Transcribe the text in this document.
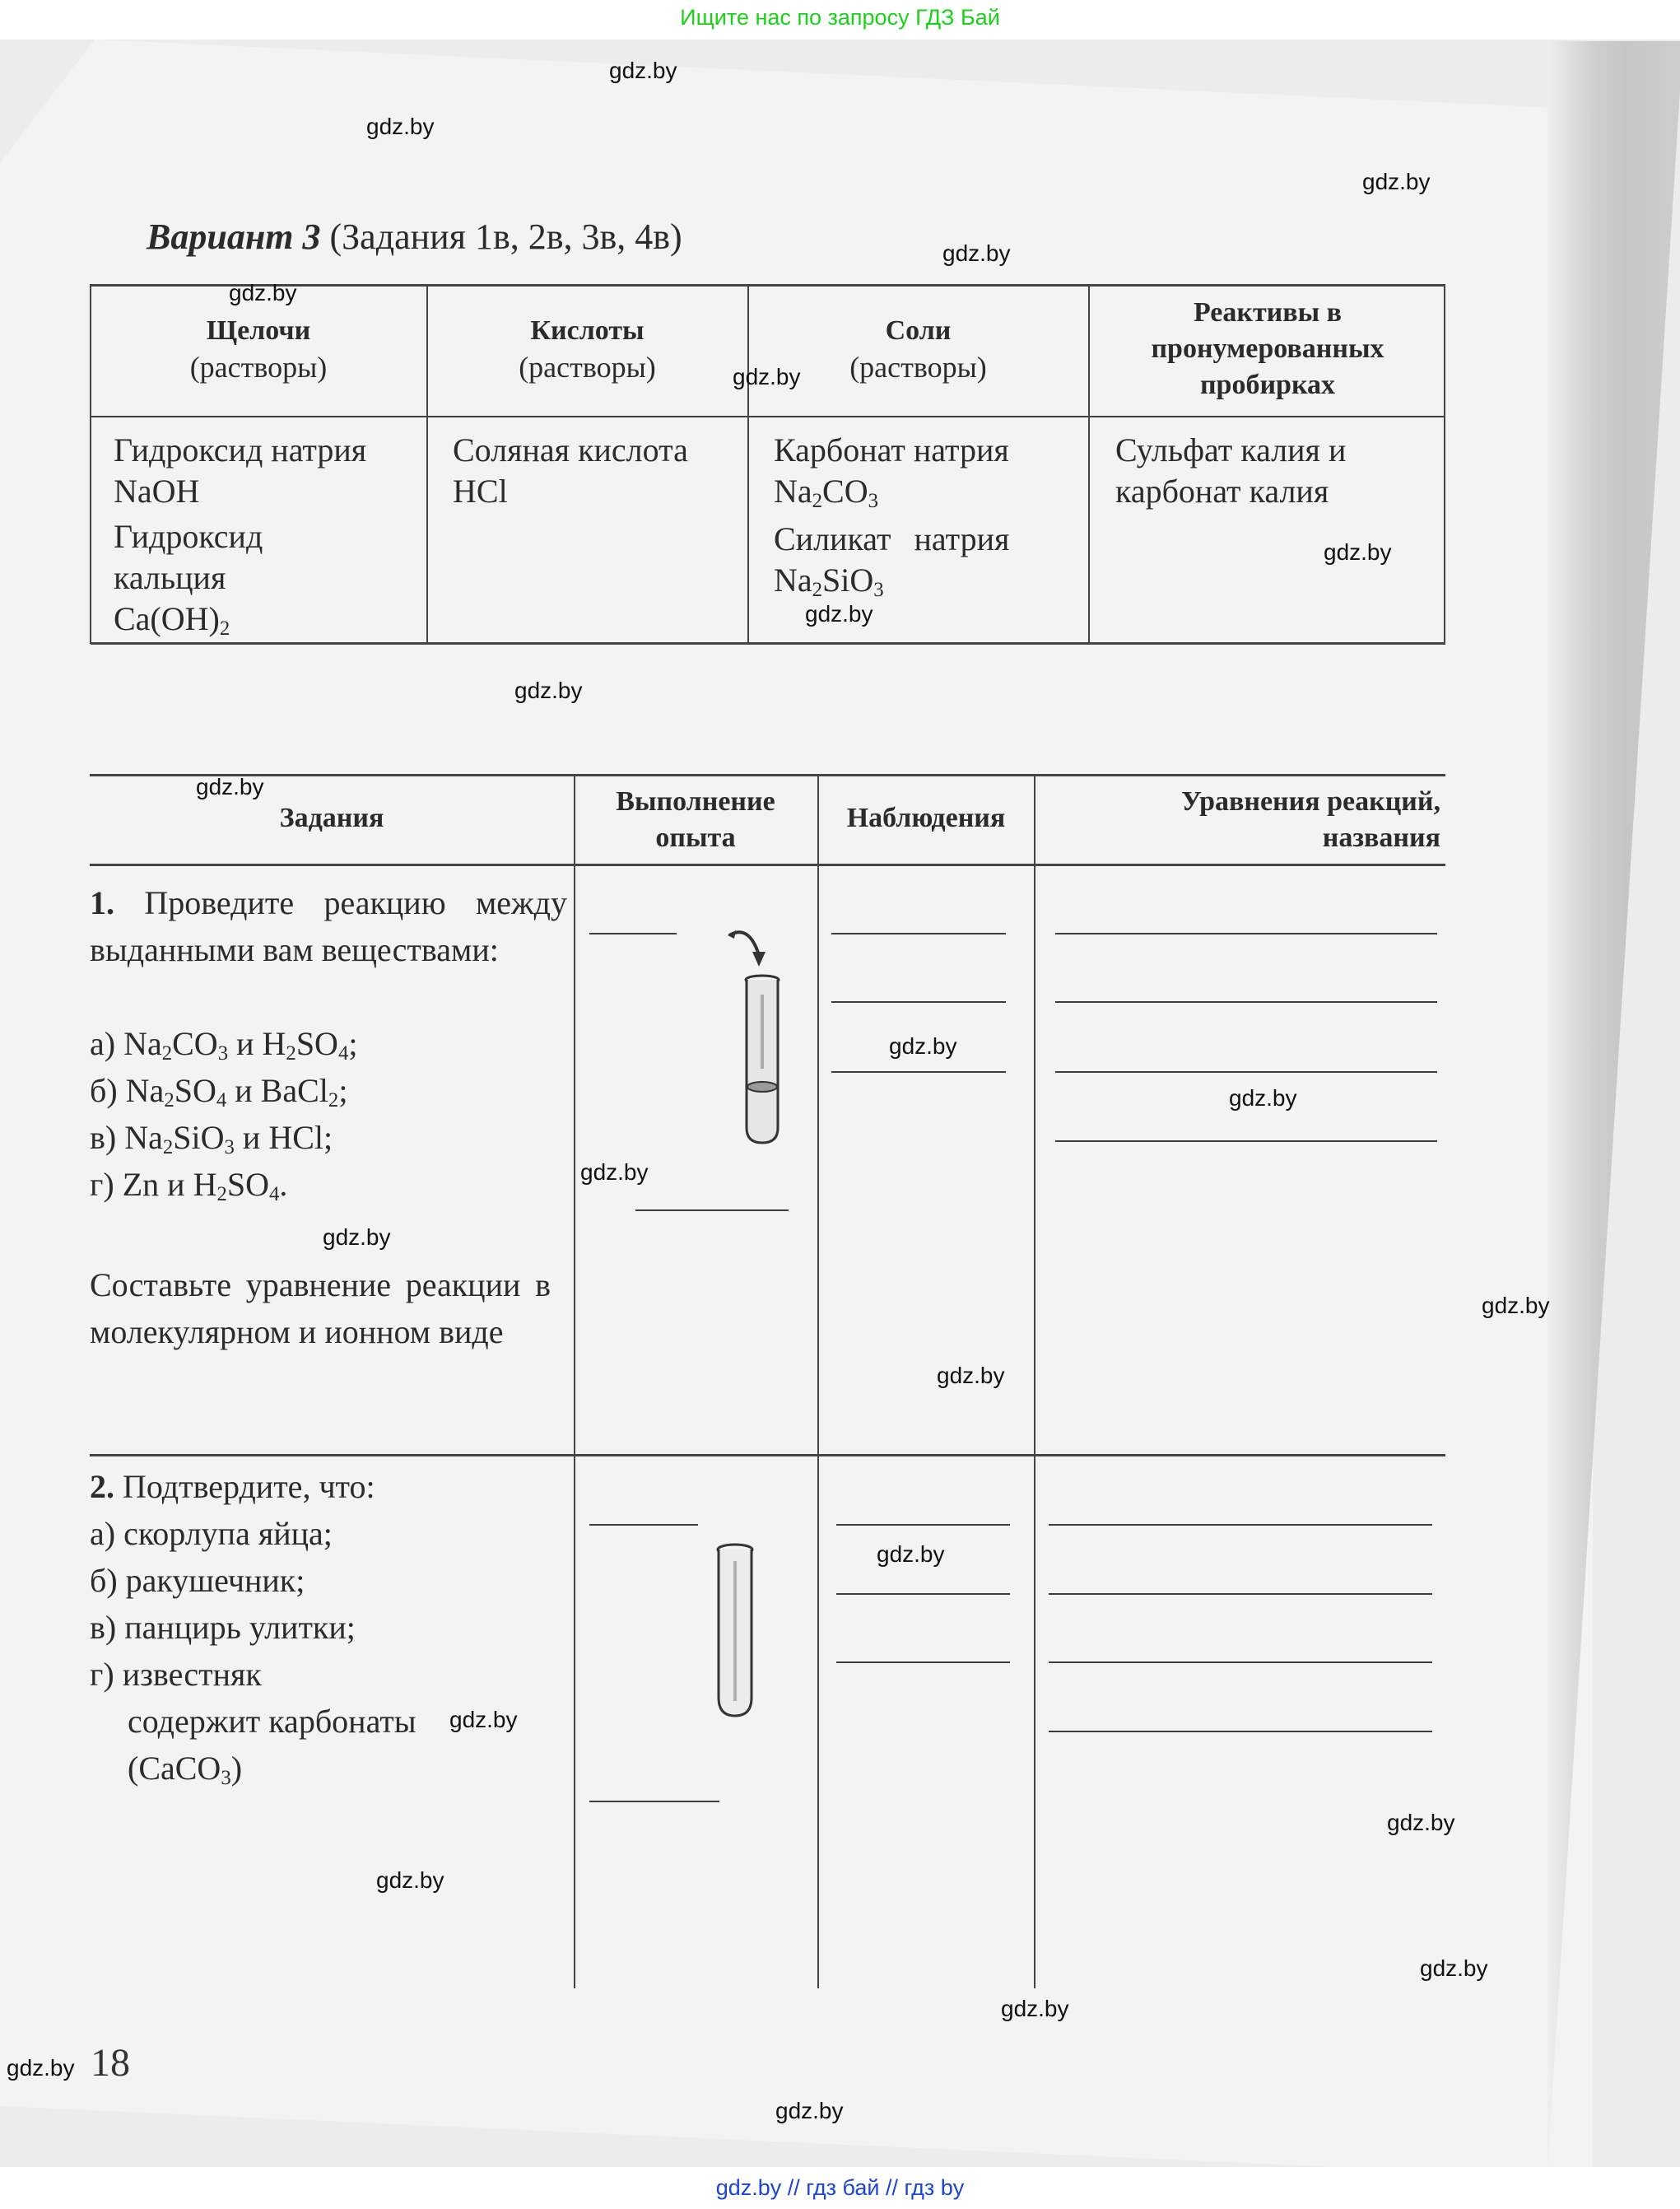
Ищите нас по запросу ГДЗ Бай
Вариант 3 (Задания 1в, 2в, 3в, 4в)
Щелочи
(растворы)
Кислоты
(растворы)
Соли
(растворы)
Реактивы в пронумерованных пробирках
Гидроксид натрия NaOH
Гидроксид
кальция
$Ca(OH)_2$
Соляная кислота HCl
Карбонат натрия
$Na_2CO_3$
Силикат натрия
$Na_2SiO_3$
Сульфат калия и карбонат калия
Задания
Выполнение опыта
Наблюдения
Уравнения реакций, названия
1. Проведите реакцию между выданными вам веществами:
а) $Na_2CO_3$ и $H_2SO_4$;
б) $Na_2SO_4$ и BaCl$_2$;
в) $Na_2SiO_3$ и HCl;
г) Zn и $H_2SO_4$.
Составьте уравнение реакции в молекулярном и ионном виде
2. Подтвердите, что:
а) скорлупа яйца;
б) ракушечник;
в) панцирь улитки;
г) известняк
содержит карбонаты
(CaCO$_3$)
18
gdz.by
gdz.by
gdz.by
gdz.by
gdz.by
gdz.by
gdz.by
gdz.by
gdz.by
gdz.by
gdz.by
gdz.by
gdz.by
gdz.by
gdz.by
gdz.by
gdz.by
gdz.by
gdz.by
gdz.by
gdz.by
gdz.by
gdz.by
gdz.by
gdz.by // гдз бай // гдз by
